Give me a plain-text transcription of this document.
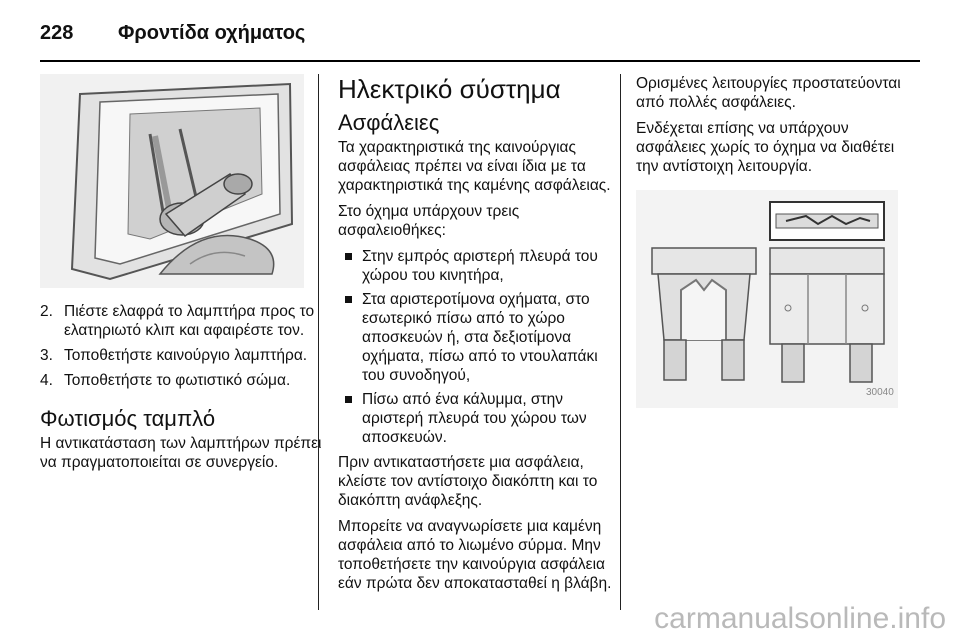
228 Φροντίδα οχήματος
2. Πιέστε ελαφρά το λαμπτήρα προς το ελατηριωτό κλιπ και αφαιρέστε τον.
3. Τοποθετήστε καινούργιο λαμπτήρα.
4. Τοποθετήστε το φωτιστικό σώμα.
Φωτισμός ταμπλό

Η αντικατάσταση των λαμπτήρων πρέπει να πραγματοποιείται σε συνεργείο.

Ηλεκτρικό σύστημα
Ασφάλειες

Τα χαρακτηριστικά της καινούργιας ασφάλειας πρέπει να είναι ίδια με τα χαρακτηριστικά της καμένης ασφάλειας.

Στο όχημα υπάρχουν τρεις ασφαλειοθήκες:

Στην εμπρός αριστερή πλευρά του χώρου του κινητήρα,
Στα αριστεροτίμονα οχήματα, στο εσωτερικό πίσω από το χώρο αποσκευών ή, στα δεξιοτίμονα οχήματα, πίσω από το ντουλαπάκι του συνοδηγού,
Πίσω από ένα κάλυμμα, στην αριστερή πλευρά του χώρου των αποσκευών.

Πριν αντικαταστήσετε μια ασφάλεια, κλείστε τον αντίστοιχο διακόπτη και το διακόπτη ανάφλεξης.

Μπορείτε να αναγνωρίσετε μια καμένη ασφάλεια από το λιωμένο σύρμα. Μην τοποθετήσετε την καινούργια ασφάλεια εάν πρώτα δεν αποκατασταθεί η βλάβη.

Ορισμένες λειτουργίες προστατεύονται από πολλές ασφάλειες.

Ενδέχεται επίσης να υπάρχουν ασφάλειες χωρίς το όχημα να διαθέτει την αντίστοιχη λειτουργία.

30040
carmanualsonline.info
